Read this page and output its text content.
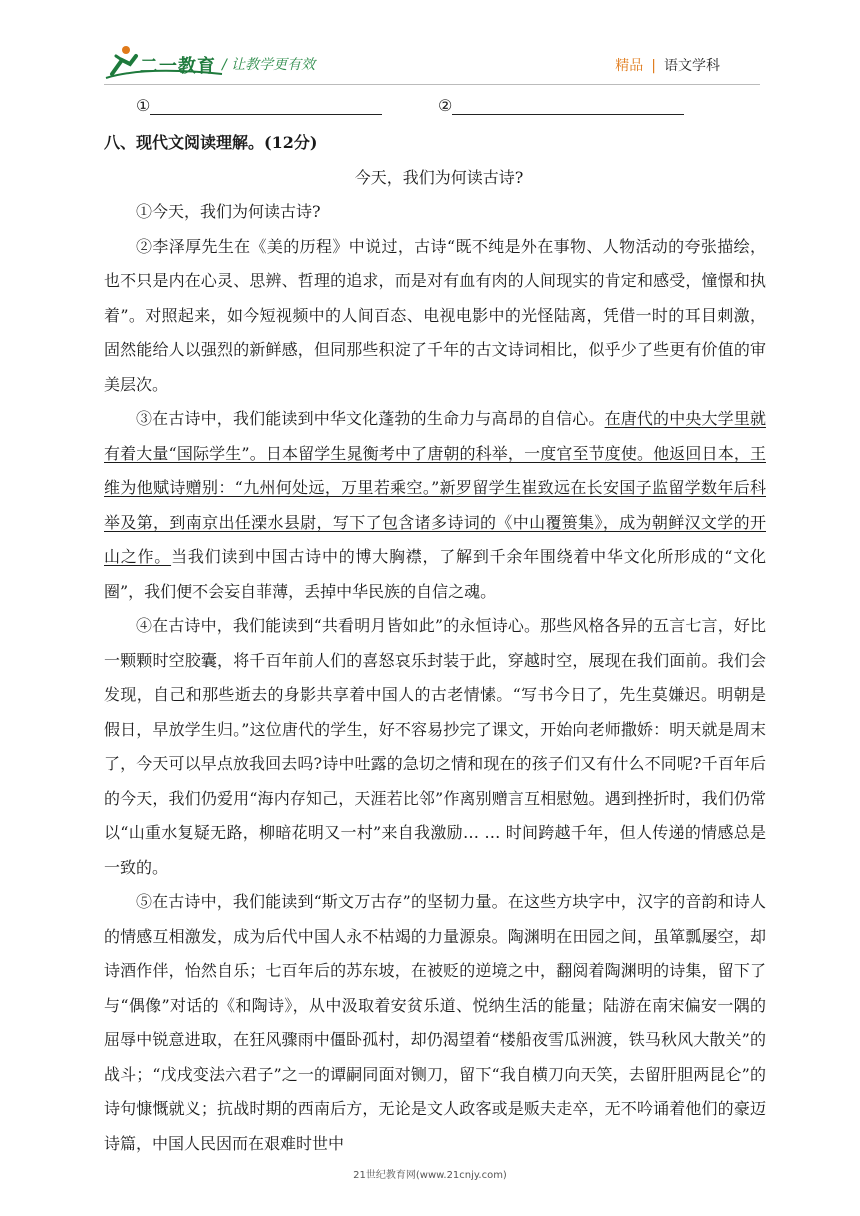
二一教育 / 让教学更有效	精品 | 语文学科
①	②

八、现代文阅读理解。(12分)

今天，我们为何读古诗?

①今天，我们为何读古诗?

②李泽厚先生在《美的历程》中说过，古诗“既不纯是外在事物、人物活动的夸张描绘，也不只是内在心灵、思辨、哲理的追求，而是对有血有肉的人间现实的肯定和感受，憧憬和执着”。对照起来，如今短视频中的人间百态、电视电影中的光怪陆离，凭借一时的耳目刺激，固然能给人以强烈的新鲜感，但同那些积淀了千年的古文诗词相比，似乎少了些更有价值的审美层次。

③在古诗中，我们能读到中华文化蓬勃的生命力与高昂的自信心。在唐代的中央大学里就有着大量“国际学生”。日本留学生晁衡考中了唐朝的科举，一度官至节度使。他返回日本，王维为他赋诗赠别：“九州何处远，万里若乘空。”新罗留学生崔致远在长安国子监留学数年后科举及第，到南京出任溧水县尉，写下了包含诸多诗词的《中山覆篑集》，成为朝鲜汉文学的开山之作。当我们读到中国古诗中的博大胸襟，了解到千余年围绕着中华文化所形成的“文化圈”，我们便不会妄自菲薄，丢掉中华民族的自信之魂。

④在古诗中，我们能读到“共看明月皆如此”的永恒诗心。那些风格各异的五言七言，好比一颗颗时空胶囊，将千百年前人们的喜怒哀乐封装于此，穿越时空，展现在我们面前。我们会发现，自己和那些逝去的身影共享着中国人的古老情愫。“写书今日了，先生莫嫌迟。明朝是假日，早放学生归。”这位唐代的学生，好不容易抄完了课文，开始向老师撒娇：明天就是周末了，今天可以早点放我回去吗?诗中吐露的急切之情和现在的孩子们又有什么不同呢?千百年后的今天，我们仍爱用“海内存知己，天涯若比邻”作离别赠言互相慰勉。遇到挫折时，我们仍常以“山重水复疑无路，柳暗花明又一村”来自我激励… … 时间跨越千年，但人传递的情感总是一致的。

⑤在古诗中，我们能读到“斯文万古存”的坚韧力量。在这些方块字中，汉字的音韵和诗人的情感互相激发，成为后代中国人永不枯竭的力量源泉。陶渊明在田园之间，虽箪瓢屡空，却诗酒作伴，怡然自乐；七百年后的苏东坡，在被贬的逆境之中，翻阅着陶渊明的诗集，留下了与“偶像”对话的《和陶诗》，从中汲取着安贫乐道、悦纳生活的能量；陆游在南宋偏安一隅的屈辱中锐意进取，在狂风骤雨中僵卧孤村，却仍渴望着“楼船夜雪瓜洲渡，铁马秋风大散关”的战斗；“戊戌变法六君子”之一的谭嗣同面对铡刀，留下“我自横刀向天笑，去留肝胆两昆仑”的诗句慷慨就义；抗战时期的西南后方，无论是文人政客或是贩夫走卒，无不吟诵着他们的豪迈诗篇，中国人民因而在艰难时世中

21世纪教育网(www.21cnjy.com)
